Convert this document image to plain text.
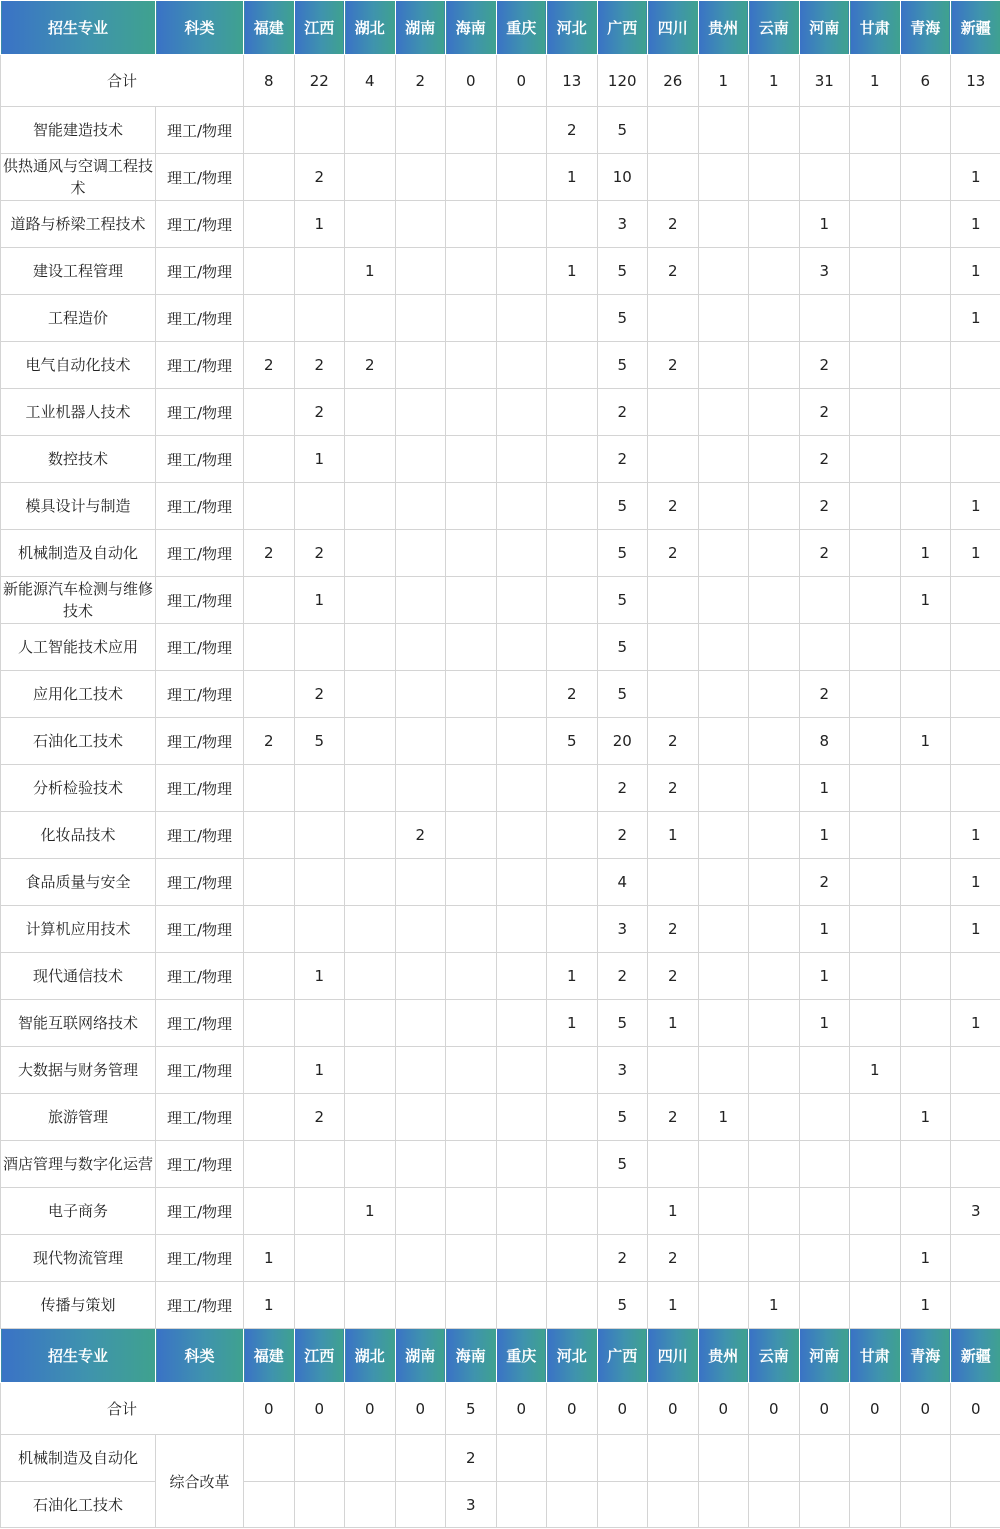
招生专业	科类	福建	江西	湖北	湖南	海南	重庆	河北	广西	四川	贵州	云南	河南	甘肃	青海	新疆
合计		8	22	4	2	0	0	13	120	26	1	1	31	1	6	13
智能建造技术	理工/物理							2	5							
供热通风与空调工程技术	理工/物理		2					1	10							1
道路与桥梁工程技术	理工/物理		1						3	2			1			1
建设工程管理	理工/物理			1				1	5	2			3			1
工程造价	理工/物理								5							1
电气自动化技术	理工/物理	2	2	2					5	2			2			
工业机器人技术	理工/物理		2						2				2			
数控技术	理工/物理		1						2				2			
模具设计与制造	理工/物理								5	2			2			1
机械制造及自动化	理工/物理	2	2						5	2			2		1	1
新能源汽车检测与维修技术	理工/物理		1						5						1	
人工智能技术应用	理工/物理								5							
应用化工技术	理工/物理		2					2	5				2			
石油化工技术	理工/物理	2	5					5	20	2			8		1	
分析检验技术	理工/物理								2	2			1			
化妆品技术	理工/物理				2				2	1			1			1
食品质量与安全	理工/物理								4				2			1
计算机应用技术	理工/物理								3	2			1			1
现代通信技术	理工/物理		1					1	2	2			1			
智能互联网络技术	理工/物理							1	5	1			1			1
大数据与财务管理	理工/物理		1						3					1		
旅游管理	理工/物理		2						5	2	1				1	
酒店管理与数字化运营	理工/物理								5							
电子商务	理工/物理			1						1						3
现代物流管理	理工/物理	1							2	2					1	
传播与策划	理工/物理	1							5	1		1			1	
招生专业	科类	福建	江西	湖北	湖南	海南	重庆	河北	广西	四川	贵州	云南	河南	甘肃	青海	新疆
合计		0	0	0	0	5	0	0	0	0	0	0	0	0	0	0
机械制造及自动化	综合改革					2										
石油化工技术						3										
